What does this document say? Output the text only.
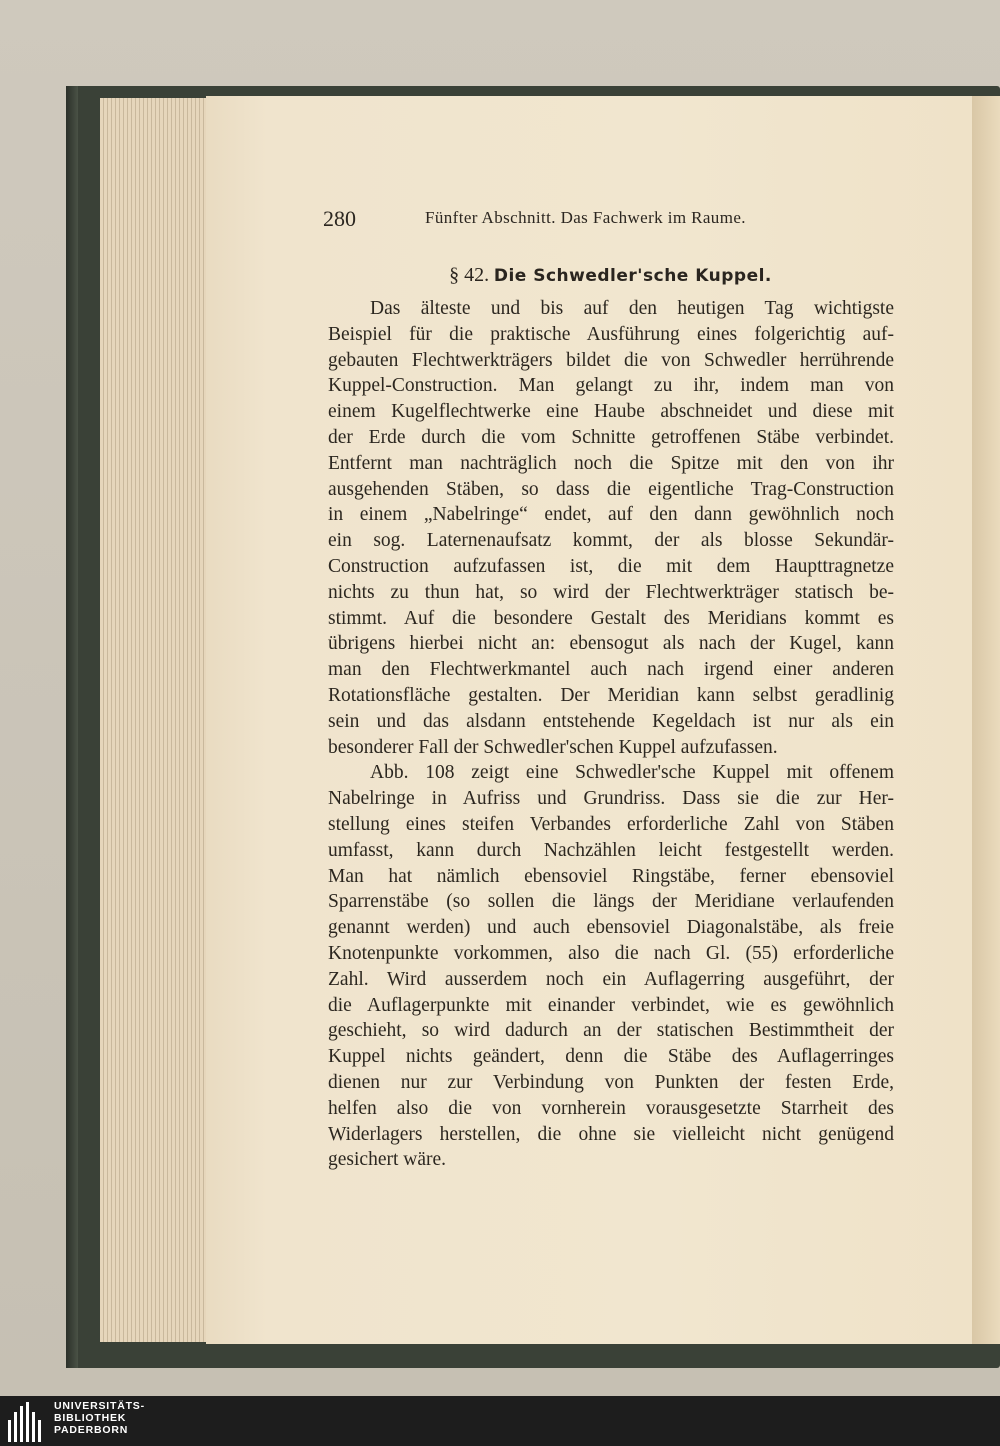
280	Fünfter Abschnitt. Das Fachwerk im Raume.
§ 42. Die Schwedler'sche Kuppel.
Das älteste und bis auf den heutigen Tag wichtigste
Beispiel für die praktische Ausführung eines folgerichtig auf-
gebauten Flechtwerkträgers bildet die von Schwedler herrührende
Kuppel-Construction. Man gelangt zu ihr, indem man von
einem Kugelflechtwerke eine Haube abschneidet und diese mit
der Erde durch die vom Schnitte getroffenen Stäbe verbindet.
Entfernt man nachträglich noch die Spitze mit den von ihr
ausgehenden Stäben, so dass die eigentliche Trag-Construction
in einem „Nabelringe“ endet, auf den dann gewöhnlich noch
ein sog. Laternenaufsatz kommt, der als blosse Sekundär-
Construction aufzufassen ist, die mit dem Haupttragnetze
nichts zu thun hat, so wird der Flechtwerkträger statisch be-
stimmt. Auf die besondere Gestalt des Meridians kommt es
übrigens hierbei nicht an: ebensogut als nach der Kugel, kann
man den Flechtwerkmantel auch nach irgend einer anderen
Rotationsfläche gestalten. Der Meridian kann selbst geradlinig
sein und das alsdann entstehende Kegeldach ist nur als ein
besonderer Fall der Schwedler'schen Kuppel aufzufassen.
Abb. 108 zeigt eine Schwedler'sche Kuppel mit offenem
Nabelringe in Aufriss und Grundriss. Dass sie die zur Her-
stellung eines steifen Verbandes erforderliche Zahl von Stäben
umfasst, kann durch Nachzählen leicht festgestellt werden.
Man hat nämlich ebensoviel Ringstäbe, ferner ebensoviel
Sparrenstäbe (so sollen die längs der Meridiane verlaufenden
genannt werden) und auch ebensoviel Diagonalstäbe, als freie
Knotenpunkte vorkommen, also die nach Gl. (55) erforderliche
Zahl. Wird ausserdem noch ein Auflagerring ausgeführt, der
die Auflagerpunkte mit einander verbindet, wie es gewöhnlich
geschieht, so wird dadurch an der statischen Bestimmtheit der
Kuppel nichts geändert, denn die Stäbe des Auflagerringes
dienen nur zur Verbindung von Punkten der festen Erde,
helfen also die von vornherein vorausgesetzte Starrheit des
Widerlagers herstellen, die ohne sie vielleicht nicht genügend
gesichert wäre.
UNIVERSITÄTS-
BIBLIOTHEK
PADERBORN
